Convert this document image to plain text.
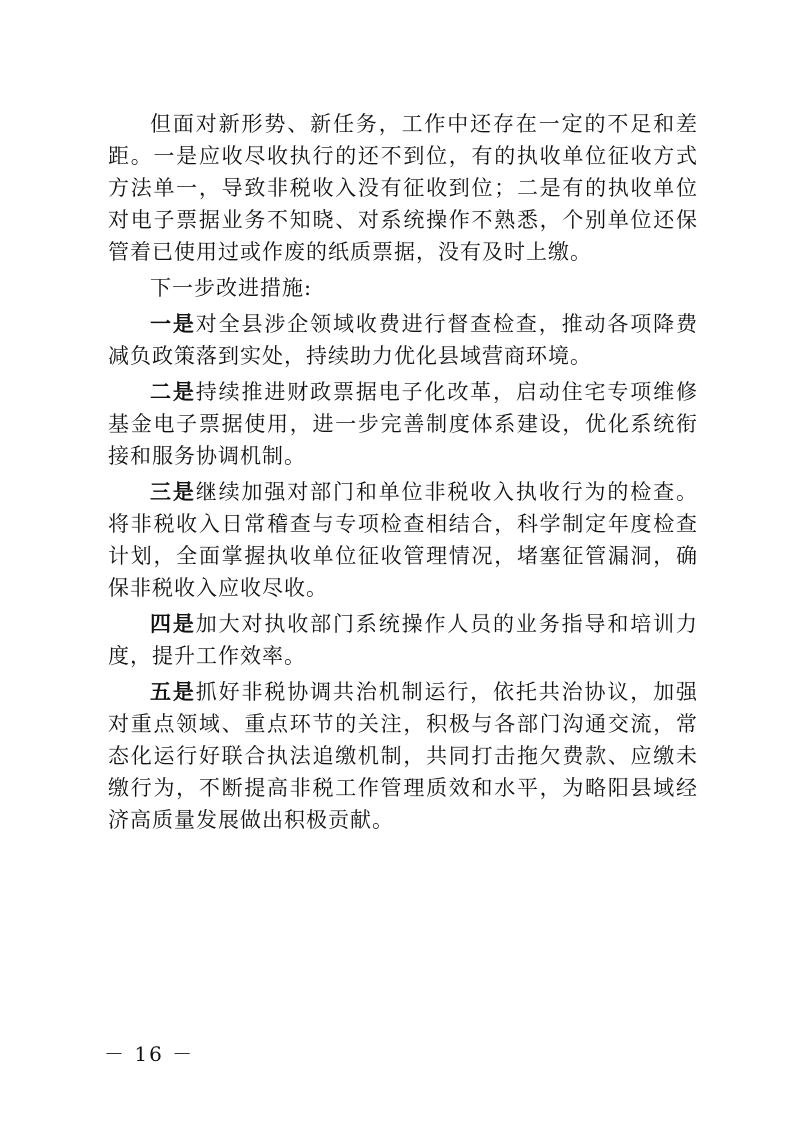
但面对新形势、新任务，工作中还存在一定的不足和差距。一是应收尽收执行的还不到位，有的执收单位征收方式方法单一，导致非税收入没有征收到位；二是有的执收单位对电子票据业务不知晓、对系统操作不熟悉，个别单位还保管着已使用过或作废的纸质票据，没有及时上缴。

下一步改进措施:

一是对全县涉企领域收费进行督查检查，推动各项降费减负政策落到实处，持续助力优化县域营商环境。

二是持续推进财政票据电子化改革，启动住宅专项维修基金电子票据使用，进一步完善制度体系建设，优化系统衔接和服务协调机制。

三是继续加强对部门和单位非税收入执收行为的检查。将非税收入日常稽查与专项检查相结合，科学制定年度检查计划，全面掌握执收单位征收管理情况，堵塞征管漏洞，确保非税收入应收尽收。

四是加大对执收部门系统操作人员的业务指导和培训力度，提升工作效率。

五是抓好非税协调共治机制运行，依托共治协议，加强对重点领域、重点环节的关注，积极与各部门沟通交流，常态化运行好联合执法追缴机制，共同打击拖欠费款、应缴未缴行为，不断提高非税工作管理质效和水平，为略阳县域经济高质量发展做出积极贡献。

－ 16 －
